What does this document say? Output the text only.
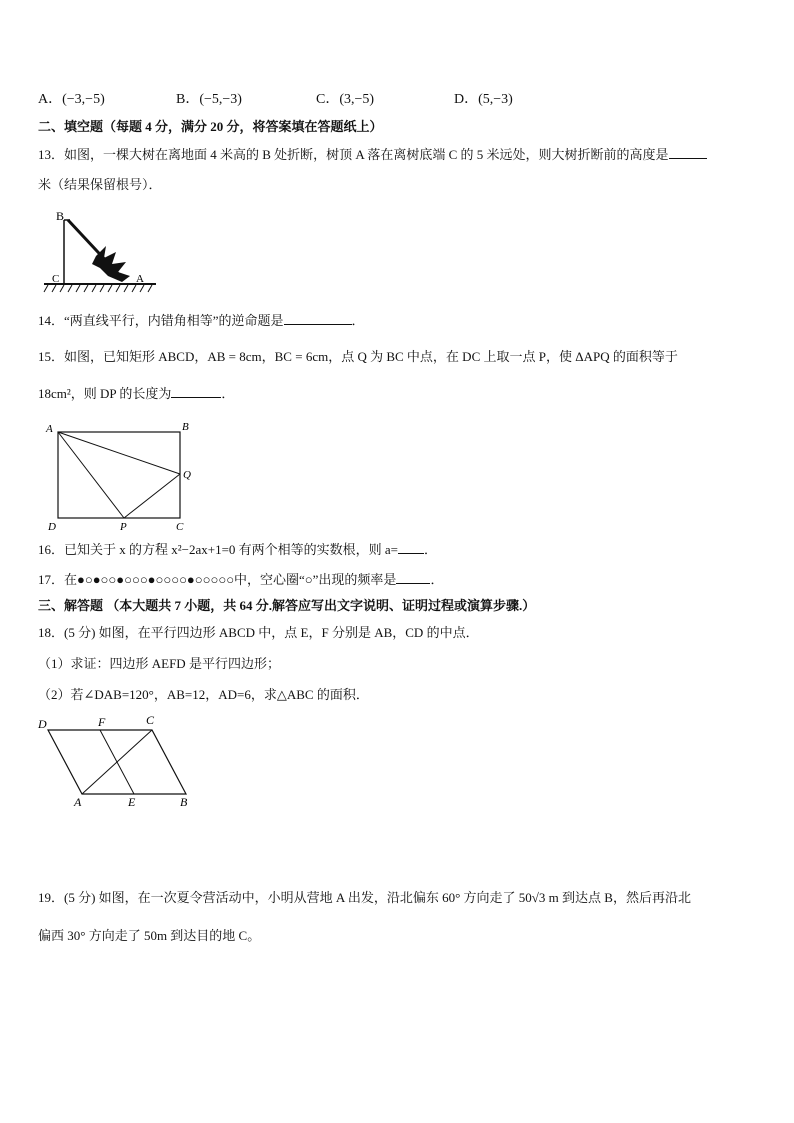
A．(−3,−5)	B．(−5,−3)	C．(3,−5)	D．(5,−3)
二、填空题（每题 4 分，满分 20 分，将答案填在答题纸上）
13．如图，一棵大树在离地面 4 米高的 B 处折断，树顶 A 落在离树底端 C 的 5 米远处，则大树折断前的高度是
米（结果保留根号）．
B
C	A
14．“两直线平行，内错角相等”的逆命题是	．
15．如图，已知矩形 ABCD，AB = 8cm，BC = 6cm，点 Q 为 BC 中点，在 DC 上取一点 P，使 ΔAPQ 的面积等于
18cm²，则 DP 的长度为	．
A	B
Q
D	P	C
16．已知关于 x 的方程 x²−2ax+1=0 有两个相等的实数根，则 a= ．
17．在●○●○○●○○○●○○○○●○○○○○中，空心圈“○”出现的频率是	．
三、解答题 （本大题共 7 小题，共 64 分.解答应写出文字说明、证明过程或演算步骤.）
18．(5 分) 如图，在平行四边形 ABCD 中，点 E，F 分别是 AB，CD 的中点．
（1）求证：四边形 AEFD 是平行四边形；
（2）若∠DAB=120°，AB=12，AD=6，求△ABC 的面积．
D	F	C
A	E	B
19．(5 分) 如图，在一次夏令营活动中，小明从营地 A 出发，沿北偏东 60° 方向走了 50√3 m 到达点 B，然后再沿北
偏西 30° 方向走了 50m 到达目的地 C。
